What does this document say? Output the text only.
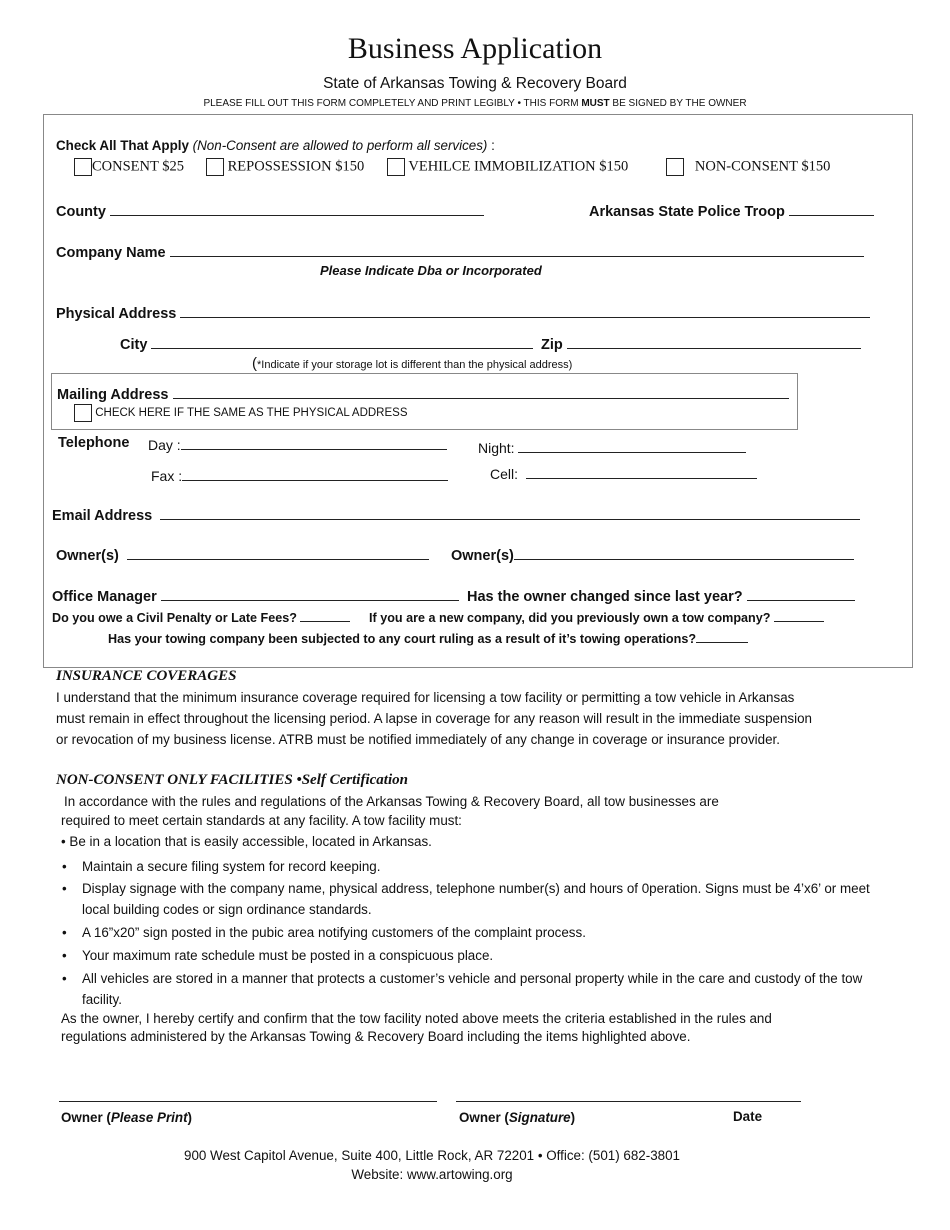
Business Application
State of Arkansas Towing & Recovery Board
PLEASE FILL OUT THIS FORM COMPLETELY AND PRINT LEGIBLY • THIS FORM MUST BE SIGNED BY THE OWNER
Check All That Apply (Non-Consent are allowed to perform all services) :
CONSENT $25	REPOSSESSION $150	VEHILCE IMMOBILIZATION $150	NON-CONSENT $150
County	Arkansas State Police Troop
Company Name
Please Indicate Dba or Incorporated
Physical Address
City	Zip
(*Indicate if your storage lot is different than the physical address)
Mailing Address
CHECK HERE IF THE SAME AS THE PHYSICAL ADDRESS
Telephone Day :	Night:
Fax :	Cell:
Email Address
Owner(s)	Owner(s)
Office Manager	Has the owner changed since last year?
Do you owe a Civil Penalty or Late Fees?	If you are a new company, did you previously own a tow company?
Has your towing company been subjected to any court ruling as a result of it’s towing operations?
INSURANCE COVERAGES
I understand that the minimum insurance coverage required for licensing a tow facility or permitting a tow vehicle in Arkansas
must remain in effect throughout the licensing period. A lapse in coverage for any reason will result in the immediate suspension
or revocation of my business license. ATRB must be notified immediately of any change in coverage or insurance provider.
NON-CONSENT ONLY FACILITIES •Self Certification
In accordance with the rules and regulations of the Arkansas Towing & Recovery Board, all tow businesses are
required to meet certain standards at any facility. A tow facility must:
• Be in a location that is easily accessible, located in Arkansas.
• Maintain a secure filing system for record keeping.
• Display signage with the company name, physical address, telephone number(s) and hours of 0peration. Signs must be 4’x6’ or meet local building codes or sign ordinance standards.
• A 16”x20” sign posted in the pubic area notifying customers of the complaint process.
• Your maximum rate schedule must be posted in a conspicuous place.
• All vehicles are stored in a manner that protects a customer’s vehicle and personal property while in the care and custody of the tow facility.
As the owner, I hereby certify and confirm that the tow facility noted above meets the criteria established in the rules and
regulations administered by the Arkansas Towing & Recovery Board including the items highlighted above.
Owner (Please Print)	Owner (Signature)	Date
900 West Capitol Avenue, Suite 400, Little Rock, AR 72201 • Office: (501) 682-3801
Website: www.artowing.org
